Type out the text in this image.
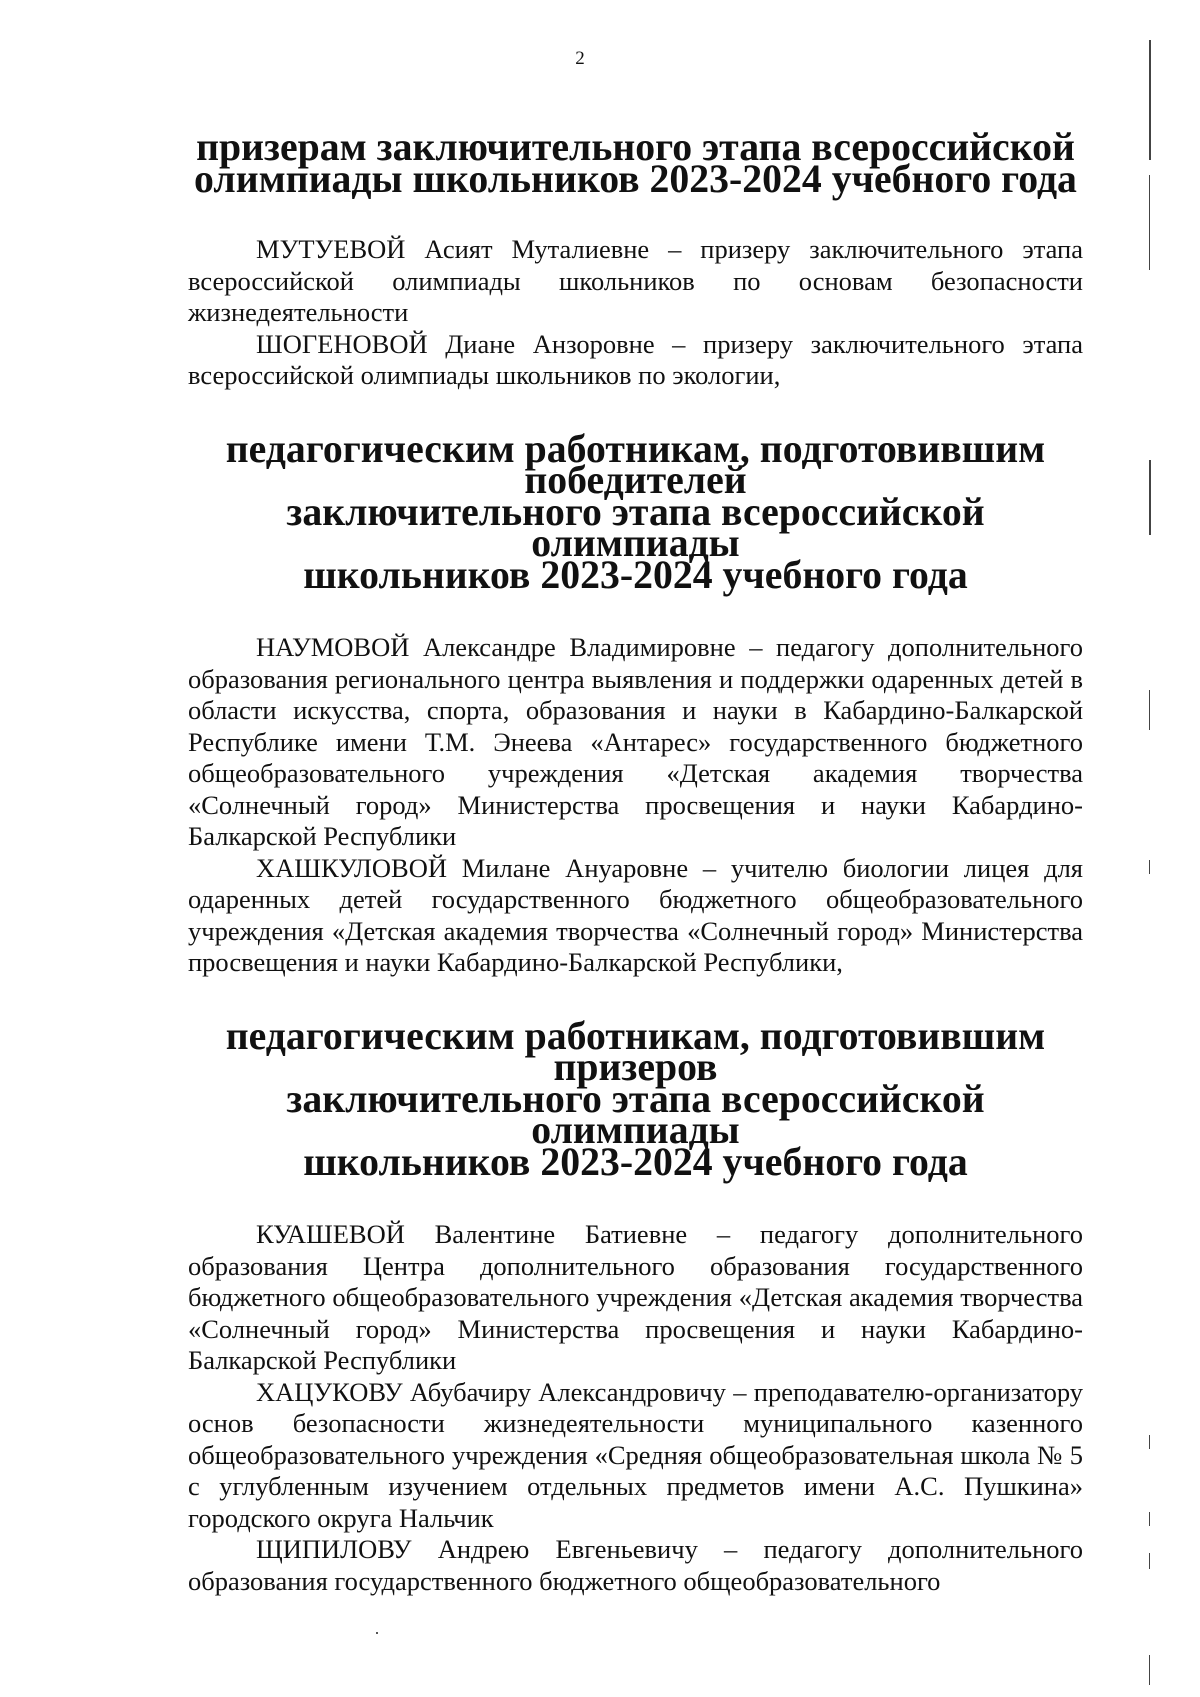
2
призерам заключительного этапа всероссийской
олимпиады школьников 2023-2024 учебного года

МУТУЕВОЙ Асият Муталиевне – призеру заключительного этапа всероссийской олимпиады школьников по основам безопасности жизнедеятельности

ШОГЕНОВОЙ Диане Анзоровне – призеру заключительного этапа всероссийской олимпиады школьников по экологии,

педагогическим работникам, подготовившим победителей
заключительного этапа всероссийской олимпиады
школьников 2023-2024 учебного года

НАУМОВОЙ Александре Владимировне – педагогу дополнительного образования регионального центра выявления и поддержки одаренных детей в области искусства, спорта, образования и науки в Кабардино-Балкарской Республике имени Т.М. Энеева «Антарес» государственного бюджетного общеобразовательного учреждения «Детская академия творчества «Солнечный город» Министерства просвещения и науки Кабардино-Балкарской Республики

ХАШКУЛОВОЙ Милане Ануаровне – учителю биологии лицея для одаренных детей государственного бюджетного общеобразовательного учреждения «Детская академия творчества «Солнечный город» Министерства просвещения и науки Кабардино-Балкарской Республики,

педагогическим работникам, подготовившим призеров
заключительного этапа всероссийской олимпиады
школьников 2023-2024 учебного года

КУАШЕВОЙ Валентине Батиевне – педагогу дополнительного образования Центра дополнительного образования государственного бюджетного общеобразовательного учреждения «Детская академия творчества «Солнечный город» Министерства просвещения и науки Кабардино-Балкарской Республики

ХАЦУКОВУ Абубачиру Александровичу – преподавателю-организатору основ безопасности жизнедеятельности муниципального казенного общеобразовательного учреждения «Средняя общеобразовательная школа № 5 с углубленным изучением отдельных предметов имени А.С. Пушкина» городского округа Нальчик

ЩИПИЛОВУ Андрею Евгеньевичу – педагогу дополнительного образования государственного бюджетного общеобразовательного
